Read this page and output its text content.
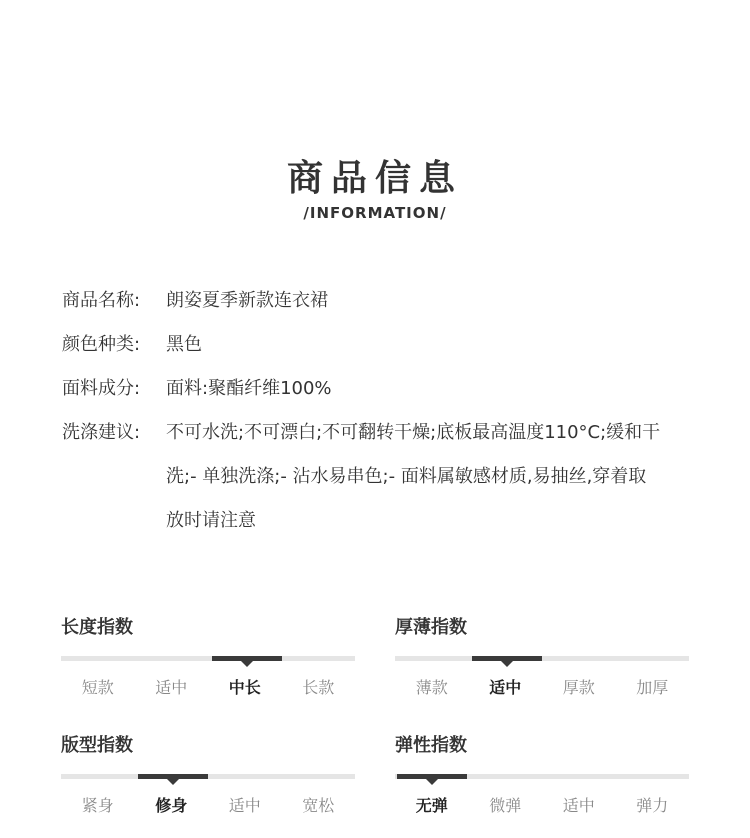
商品信息
/INFORMATION/
商品名称:	朗姿夏季新款连衣裙
颜色种类:	黑色
面料成分:	面料:聚酯纤维100%
洗涤建议:	不可水洗;不可漂白;不可翻转干燥;底板最高温度110°C;缓和干
洗;- 单独洗涤;- 沾水易串色;- 面料属敏感材质,易抽丝,穿着取
放时请注意
长度指数
短款	适中	中长	长款
厚薄指数
薄款	适中	厚款	加厚
版型指数
紧身	修身	适中	宽松
弹性指数
无弹	微弹	适中	弹力
